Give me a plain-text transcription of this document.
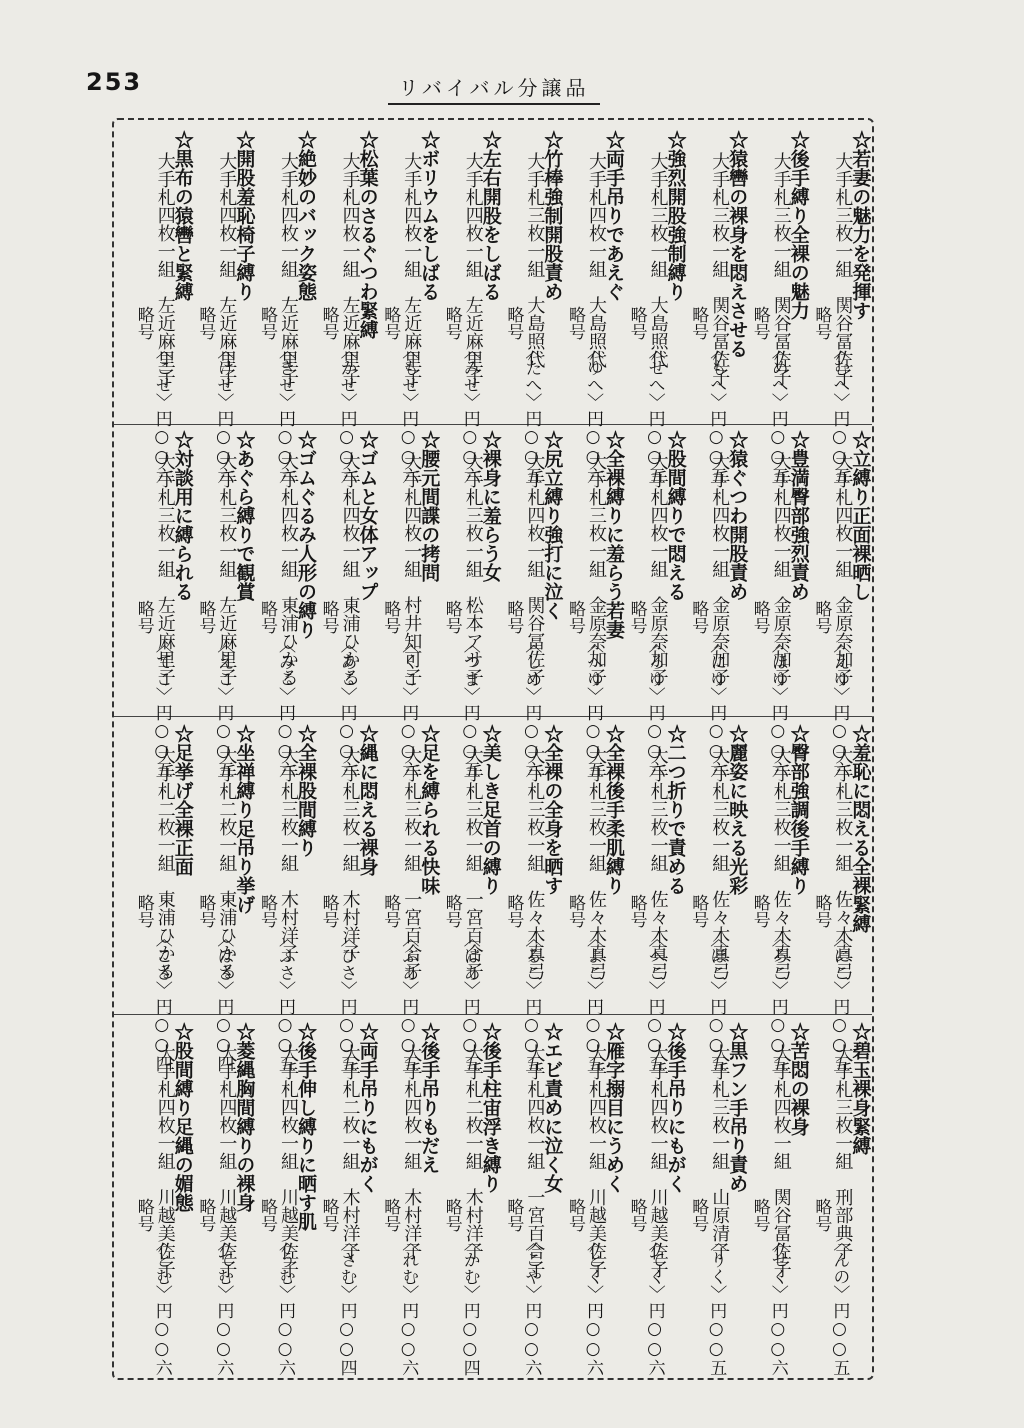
253	リバイバル分譲品
☆若妻の魅力を発揮す
大手札三枚一組　関谷冨佐子
略号
〈むへ〉円○○五
☆後手縛り全裸の魅力
大手札三枚一組　関谷冨佐子
略号
〈めへ〉円○○五
☆猿轡の裸身を悶えさせる
大手札三枚一組　関谷冨佐子
略号
〈もへ〉円○○五
☆強烈開股強制縛り
大手札三枚一組　大島照代
略号
〈せへ〉円○○五
☆両手吊りであえぐ
大手札四枚一組　大島照代
略号
〈ゆへ〉円○○六
☆竹棒強制開股責め
大手札三枚一組　大島照代
略号
〈たへ〉円○○五
☆左右開股をしばる
大手札四枚一組　左近麻里子
略号
〈みせ〉円○○六
☆ボリウムをしばる
大手札四枚一組　左近麻里子
略号
〈もせ〉円○○六
☆松葉のさるぐつわ緊縛
大手札四枚一組　左近麻里子
略号
〈かせ〉円○○六
☆絶妙のバック姿態
大手札四枚一組　左近麻里子
略号
〈きせ〉円○○六
☆開股羞恥椅子縛り
大手札四枚一組　左近麻里子
略号
〈けせ〉円○○六
☆黒布の猿轡と緊縛
大手札四枚一組　左近麻里子
略号
〈こせ〉円○○六
☆立縛り正面裸晒し
大手札四枚一組　金原奈加子
略号
〈えゆ〉円○○六
☆豊満臀部強烈責め
大手札四枚一組　金原奈加子
略号
〈ほゆ〉円○○六
☆猿ぐつわ開股責め
大手札四枚一組　金原奈加子
略号
〈にゆ〉円○○六
☆股間縛りで悶える
大手札四枚一組　金原奈加子
略号
〈ろゆ〉円○○六
☆全裸縛りに羞らう若妻
大手札三枚一組　金原奈加子
略号
〈へゆ〉円○○五
☆尻立縛り強打に泣く
大手札四枚一組　関谷冨佐子
略号
〈しめ〉円○○六
☆裸身に羞らう女
大手札三枚一組　松本アサ子
略号
〈つま〉円○○五
☆腰元間諜の拷問
大手札四枚一組　村井知可子
略号
〈くこ〉円○○六
☆ゴムと女体アップ
大手札四枚一組　東浦ひかる
略号
〈あこ〉円○○六
☆ゴムぐるみ人形の縛り
大手札四枚一組　東浦ひかる
略号
〈みこ〉円○○六
☆あぐら縛りで観賞
大手札三枚一組　左近麻里子
略号
〈えこ〉円○○五
☆対談用に縛られる
大手札三枚一組　左近麻里子
略号
〈てこ〉円○○五
☆羞恥に悶える全裸緊縛
大手札三枚一組　佐々木真弓
略号
〈にこ〉円○○五
☆臀部強調後手縛り
大手札三枚一組　佐々木真弓
略号
〈ろこ〉円○○五
☆麗姿に映える光彩
大手札三枚一組　佐々木真弓
略号
〈ほこ〉円○○五
☆二つ折りで責める
大手札三枚一組　佐々木真弓
略号
〈へこ〉円○○五
☆全裸後手柔肌縛り
大手札三枚一組　佐々木真弓
略号
〈よこ〉円○○五
☆全裸の全身を晒す
大手札三枚一組　佐々木真弓
略号
〈るこ〉円○○五
☆美しき足首の縛り
大手札三枚一組　一宮百合子
略号
〈はあ〉円○○五
☆足を縛られる快味
大手札三枚一組　一宮百合子
略号
〈ふあ〉円○○五
☆縄に悶える裸身
大手札三枚一組　木村洋子
略号
〈ひさ〉円○○五
☆全裸股間縛り
大手札三枚一組　木村洋子
略号
〈ふさ〉円○○五
☆坐禅縛り足吊り挙げ
大手札二枚一組　東浦ひかる
略号
〈はさ〉円○○四
☆足挙げ全裸正面
大手札二枚一組　東浦ひかる
略号
〈こさ〉円○○四
☆碧玉裸身緊縛
大手札三枚一組　刑部典子
略号
〈んの〉円○○五
☆苦悶の裸身
大手札四枚一組　関谷冨佐子
略号
〈せく〉円○○六
☆黒フン手吊り責め
大手札三枚一組　山原清子
略号
〈りく〉円○○五
☆後手吊りにもがく
大手札四枚一組　川越美佐子
略号
〈てく〉円○○六
☆雁字搦目にうめく
大手札四枚一組　川越美佐子
略号
〈とく〉円○○六
☆エビ責めに泣く女
大手札四枚一組　一宮百合子
略号
〈こや〉円○○六
☆後手柱宙浮き縛り
大手札二枚一組　木村洋子
略号
〈かむ〉円○○四
☆後手吊りもだえ
大手札四枚一組　木村洋子
略号
〈れむ〉円○○六
☆両手吊りにもがく
大手札二枚一組　木村洋子
略号
〈さむ〉円○○四
☆後手伸し縛りに晒す肌
大手札四枚一組　川越美佐子
略号
〈うむ〉円○○六
☆菱縄胸間縛りの裸身
大手札四枚一組　川越美佐子
略号
〈てむ〉円○○六
☆股間縛り足縄の媚態
大手札四枚一組　川越美佐子
略号
〈とむ〉円○○六
